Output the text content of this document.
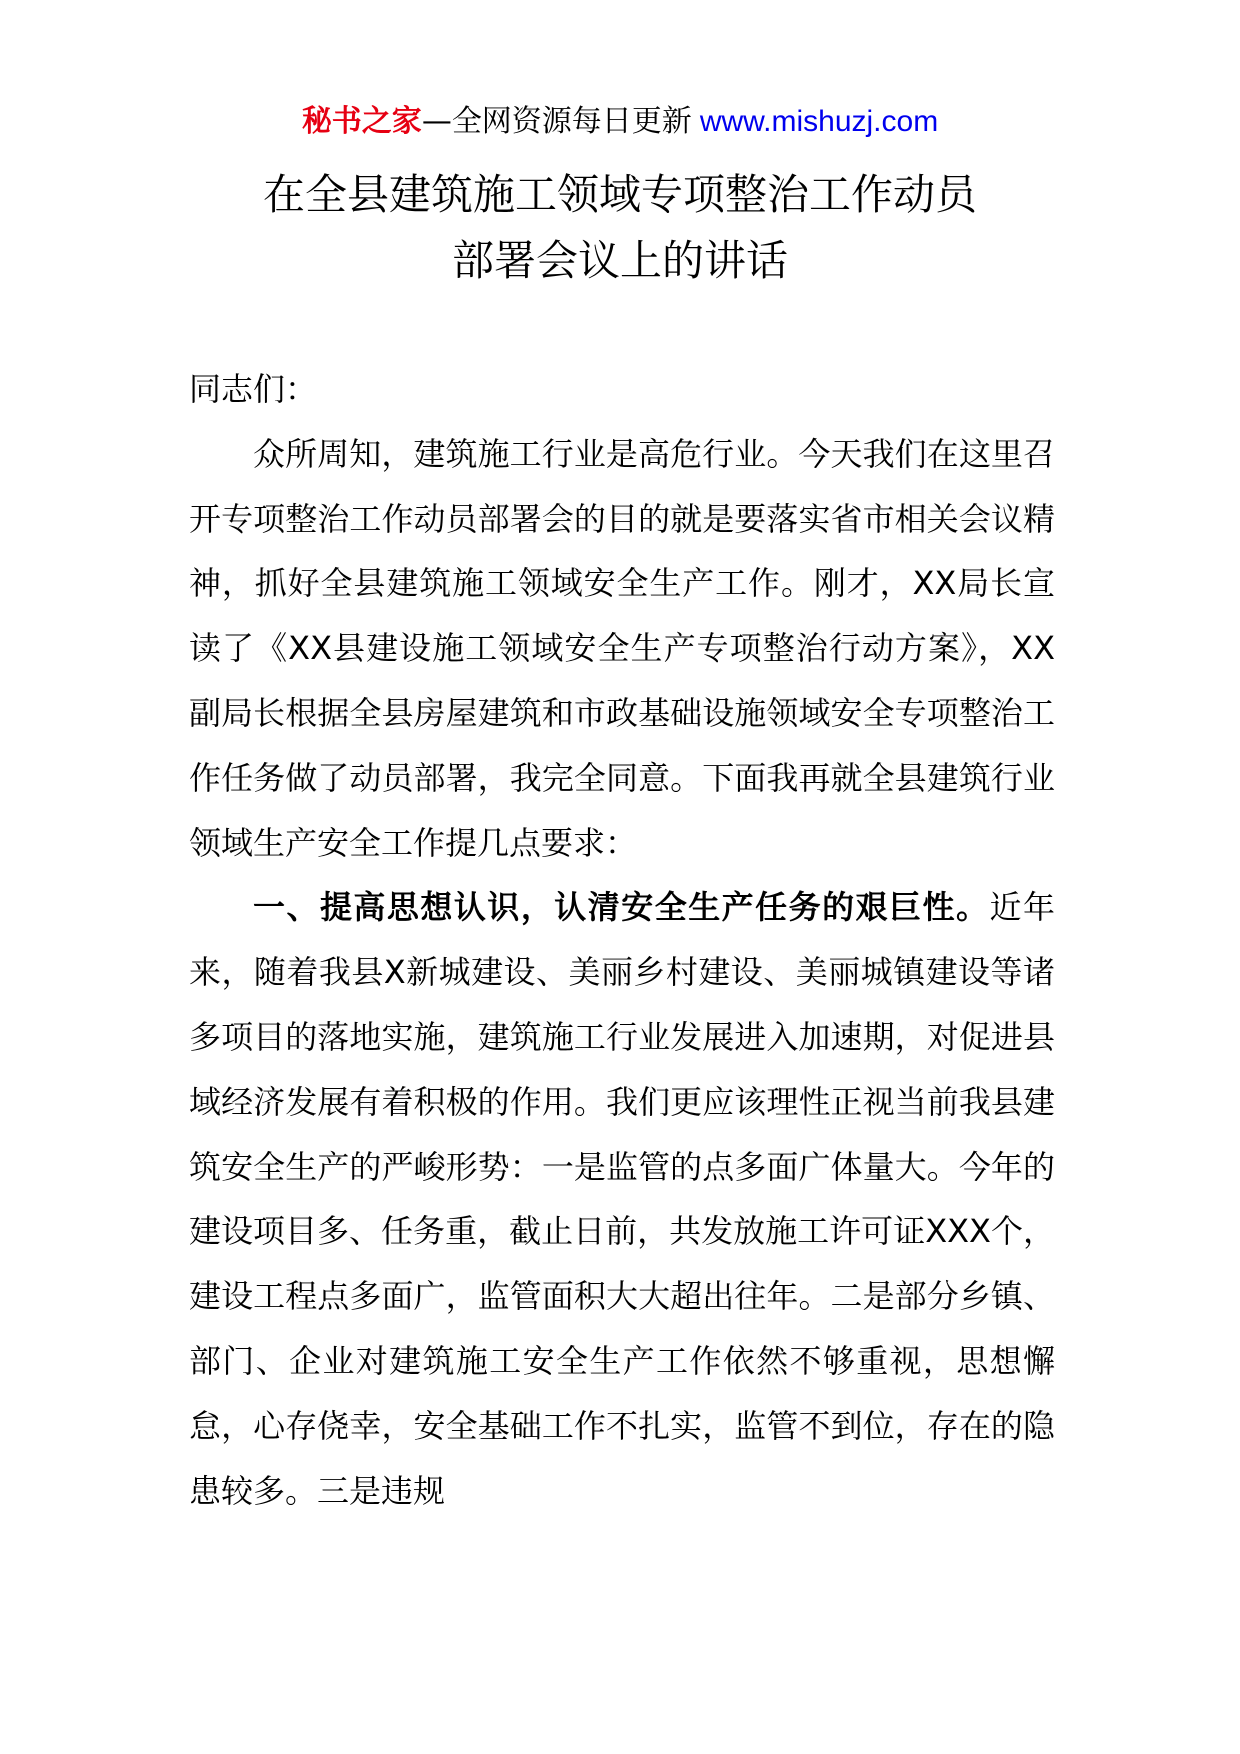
秘书之家—全网资源每日更新 www.mishuzj.com
在全县建筑施工领域专项整治工作动员
部署会议上的讲话

同志们：

众所周知，建筑施工行业是高危行业。今天我们在这里召开专项整治工作动员部署会的目的就是要落实省市相关会议精神，抓好全县建筑施工领域安全生产工作。刚才，XX局长宣读了《XX县建设施工领域安全生产专项整治行动方案》，XX副局长根据全县房屋建筑和市政基础设施领域安全专项整治工作任务做了动员部署，我完全同意。下面我再就全县建筑行业领域生产安全工作提几点要求：

一、提高思想认识，认清安全生产任务的艰巨性。近年来，随着我县X新城建设、美丽乡村建设、美丽城镇建设等诸多项目的落地实施，建筑施工行业发展进入加速期，对促进县域经济发展有着积极的作用。我们更应该理性正视当前我县建筑安全生产的严峻形势：一是监管的点多面广体量大。今年的建设项目多、任务重，截止日前，共发放施工许可证XXX个，建设工程点多面广，监管面积大大超出往年。二是部分乡镇、部门、企业对建筑施工安全生产工作依然不够重视，思想懈怠，心存侥幸，安全基础工作不扎实，监管不到位，存在的隐患较多。三是违规
